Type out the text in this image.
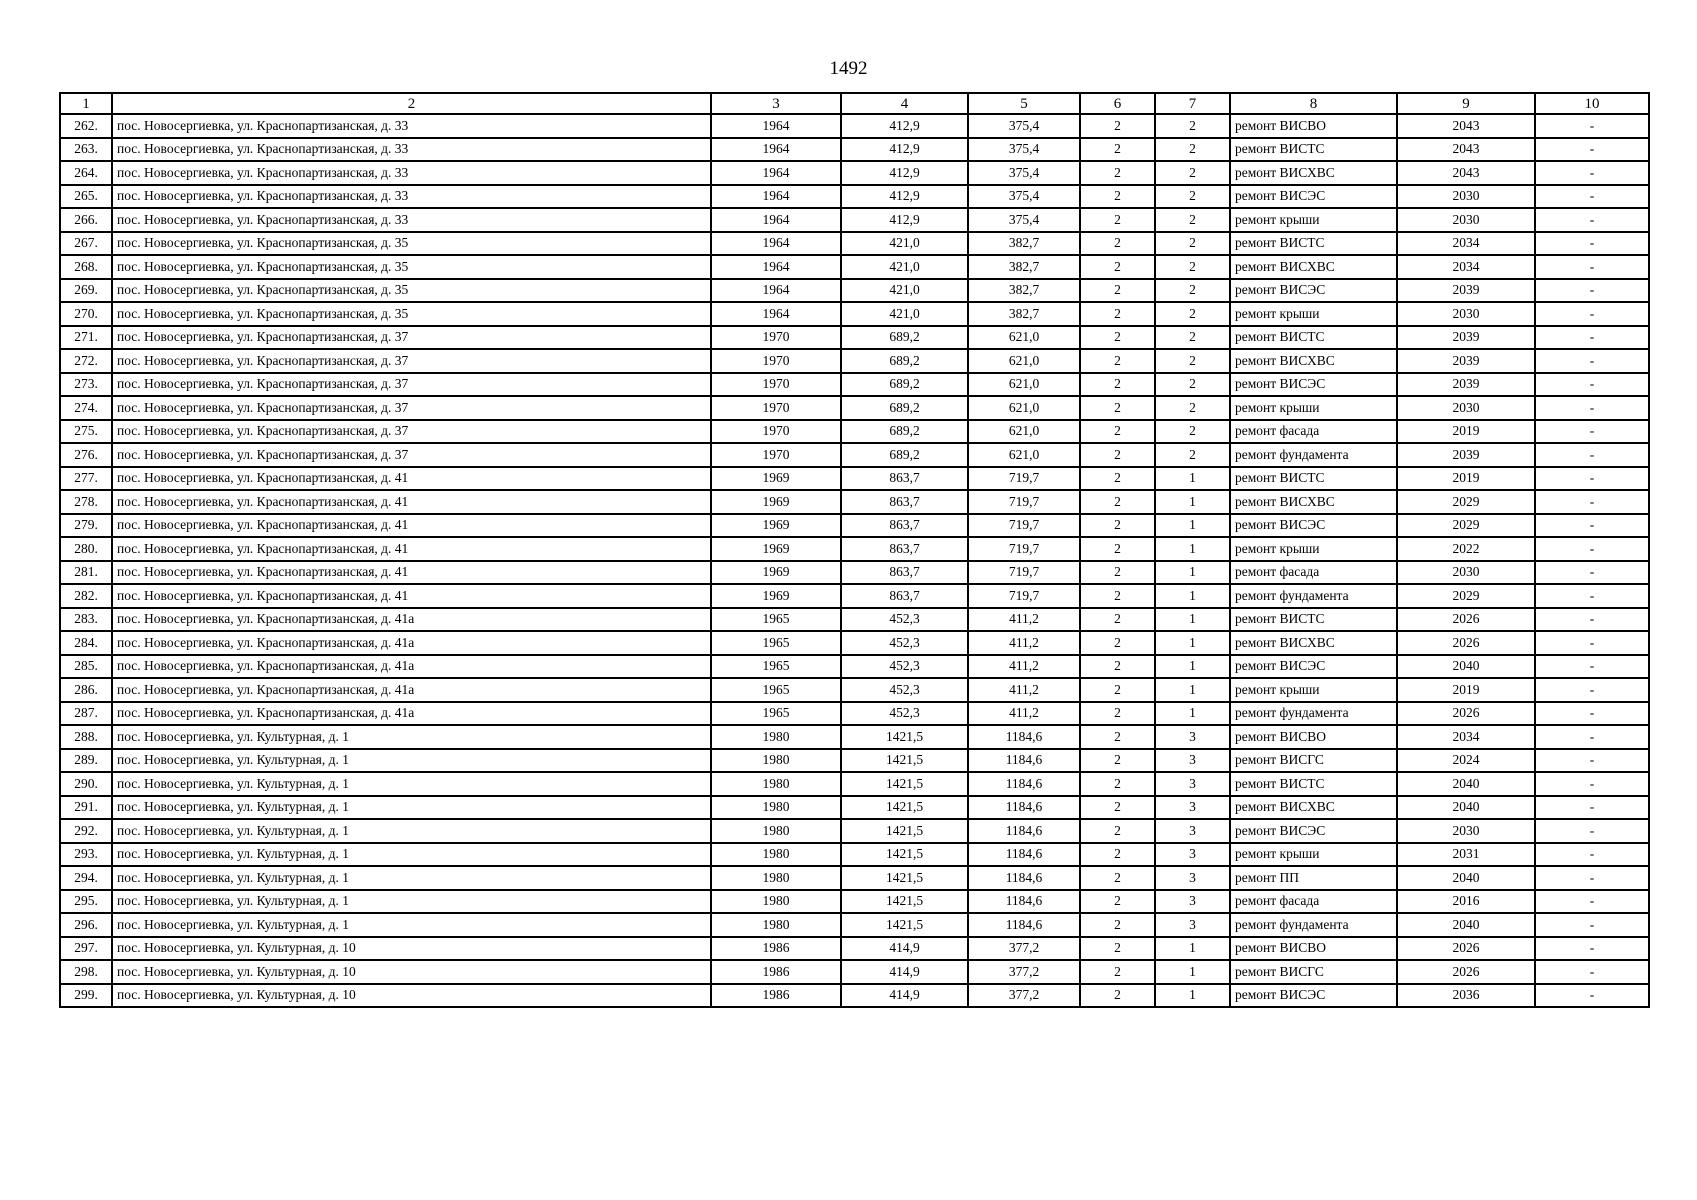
1492
1	2	3	4	5	6	7	8	9	10
262.	пос. Новосергиевка, ул. Краснопартизанская, д. 33	1964	412,9	375,4	2	2	ремонт ВИСВО	2043	-
263.	пос. Новосергиевка, ул. Краснопартизанская, д. 33	1964	412,9	375,4	2	2	ремонт ВИСТС	2043	-
264.	пос. Новосергиевка, ул. Краснопартизанская, д. 33	1964	412,9	375,4	2	2	ремонт ВИСХВС	2043	-
265.	пос. Новосергиевка, ул. Краснопартизанская, д. 33	1964	412,9	375,4	2	2	ремонт ВИСЭС	2030	-
266.	пос. Новосергиевка, ул. Краснопартизанская, д. 33	1964	412,9	375,4	2	2	ремонт крыши	2030	-
267.	пос. Новосергиевка, ул. Краснопартизанская, д. 35	1964	421,0	382,7	2	2	ремонт ВИСТС	2034	-
268.	пос. Новосергиевка, ул. Краснопартизанская, д. 35	1964	421,0	382,7	2	2	ремонт ВИСХВС	2034	-
269.	пос. Новосергиевка, ул. Краснопартизанская, д. 35	1964	421,0	382,7	2	2	ремонт ВИСЭС	2039	-
270.	пос. Новосергиевка, ул. Краснопартизанская, д. 35	1964	421,0	382,7	2	2	ремонт крыши	2030	-
271.	пос. Новосергиевка, ул. Краснопартизанская, д. 37	1970	689,2	621,0	2	2	ремонт ВИСТС	2039	-
272.	пос. Новосергиевка, ул. Краснопартизанская, д. 37	1970	689,2	621,0	2	2	ремонт ВИСХВС	2039	-
273.	пос. Новосергиевка, ул. Краснопартизанская, д. 37	1970	689,2	621,0	2	2	ремонт ВИСЭС	2039	-
274.	пос. Новосергиевка, ул. Краснопартизанская, д. 37	1970	689,2	621,0	2	2	ремонт крыши	2030	-
275.	пос. Новосергиевка, ул. Краснопартизанская, д. 37	1970	689,2	621,0	2	2	ремонт фасада	2019	-
276.	пос. Новосергиевка, ул. Краснопартизанская, д. 37	1970	689,2	621,0	2	2	ремонт фундамента	2039	-
277.	пос. Новосергиевка, ул. Краснопартизанская, д. 41	1969	863,7	719,7	2	1	ремонт ВИСТС	2019	-
278.	пос. Новосергиевка, ул. Краснопартизанская, д. 41	1969	863,7	719,7	2	1	ремонт ВИСХВС	2029	-
279.	пос. Новосергиевка, ул. Краснопартизанская, д. 41	1969	863,7	719,7	2	1	ремонт ВИСЭС	2029	-
280.	пос. Новосергиевка, ул. Краснопартизанская, д. 41	1969	863,7	719,7	2	1	ремонт крыши	2022	-
281.	пос. Новосергиевка, ул. Краснопартизанская, д. 41	1969	863,7	719,7	2	1	ремонт фасада	2030	-
282.	пос. Новосергиевка, ул. Краснопартизанская, д. 41	1969	863,7	719,7	2	1	ремонт фундамента	2029	-
283.	пос. Новосергиевка, ул. Краснопартизанская, д. 41а	1965	452,3	411,2	2	1	ремонт ВИСТС	2026	-
284.	пос. Новосергиевка, ул. Краснопартизанская, д. 41а	1965	452,3	411,2	2	1	ремонт ВИСХВС	2026	-
285.	пос. Новосергиевка, ул. Краснопартизанская, д. 41а	1965	452,3	411,2	2	1	ремонт ВИСЭС	2040	-
286.	пос. Новосергиевка, ул. Краснопартизанская, д. 41а	1965	452,3	411,2	2	1	ремонт крыши	2019	-
287.	пос. Новосергиевка, ул. Краснопартизанская, д. 41а	1965	452,3	411,2	2	1	ремонт фундамента	2026	-
288.	пос. Новосергиевка, ул. Культурная, д. 1	1980	1421,5	1184,6	2	3	ремонт ВИСВО	2034	-
289.	пос. Новосергиевка, ул. Культурная, д. 1	1980	1421,5	1184,6	2	3	ремонт ВИСГС	2024	-
290.	пос. Новосергиевка, ул. Культурная, д. 1	1980	1421,5	1184,6	2	3	ремонт ВИСТС	2040	-
291.	пос. Новосергиевка, ул. Культурная, д. 1	1980	1421,5	1184,6	2	3	ремонт ВИСХВС	2040	-
292.	пос. Новосергиевка, ул. Культурная, д. 1	1980	1421,5	1184,6	2	3	ремонт ВИСЭС	2030	-
293.	пос. Новосергиевка, ул. Культурная, д. 1	1980	1421,5	1184,6	2	3	ремонт крыши	2031	-
294.	пос. Новосергиевка, ул. Культурная, д. 1	1980	1421,5	1184,6	2	3	ремонт ПП	2040	-
295.	пос. Новосергиевка, ул. Культурная, д. 1	1980	1421,5	1184,6	2	3	ремонт фасада	2016	-
296.	пос. Новосергиевка, ул. Культурная, д. 1	1980	1421,5	1184,6	2	3	ремонт фундамента	2040	-
297.	пос. Новосергиевка, ул. Культурная, д. 10	1986	414,9	377,2	2	1	ремонт ВИСВО	2026	-
298.	пос. Новосергиевка, ул. Культурная, д. 10	1986	414,9	377,2	2	1	ремонт ВИСГС	2026	-
299.	пос. Новосергиевка, ул. Культурная, д. 10	1986	414,9	377,2	2	1	ремонт ВИСЭС	2036	-
